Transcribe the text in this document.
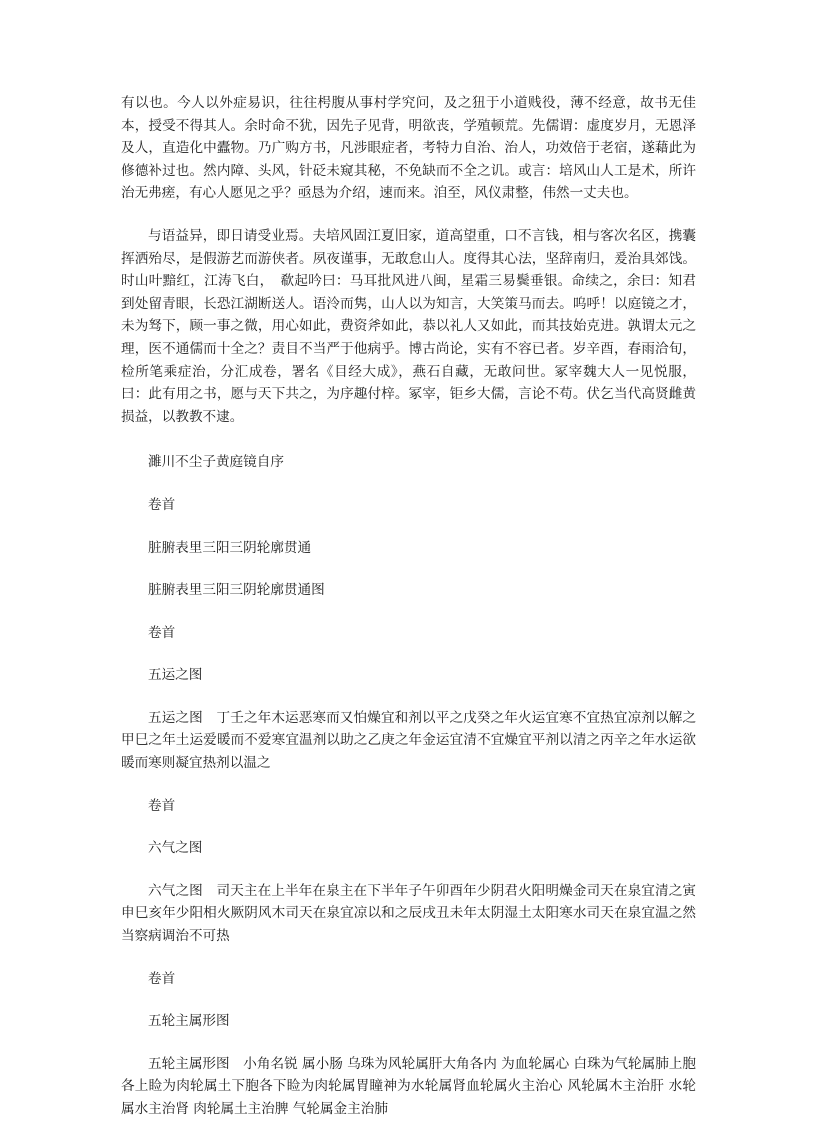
有以也。今人以外症易识，往往枵腹从事村学究问，及之狃于小道贱役，薄不经意，故书无佳本，授受不得其人。余时命不犹，因先子见背，明欲丧，学殖顿荒。先儒谓：虚度岁月，无恩泽及人，直造化中蠹物。乃广购方书，凡涉眼症者，考特力自治、治人，功效倍于老宿，遂藉此为修德补过也。然内障、头风，针砭未窥其秘，不免缺而不全之讥。或言：培风山人工是术，所许治无弗瘥，有心人愿见之乎？亟恳为介绍，速而来。洎至，风仪肃整，伟然一丈夫也。

与语益异，即日请受业焉。夫培风固江夏旧家，道高望重，口不言钱，相与客次名区，携囊挥洒殆尽，是假游艺而游侠者。夙夜谨事，无敢怠山人。度得其心法，坚辞南归，爰治具郊饯。时山叶黯红，江涛飞白，　欷起吟曰：马耳批风进八闽，星霜三易鬓垂银。命续之，余曰：知君到处留青眼，长恐江湖断送人。语泠而隽，山人以为知言，大笑策马而去。呜呼！以庭镜之才，未为驽下，顾一事之微，用心如此，费资斧如此，恭以礼人又如此，而其技始克进。孰谓太元之理，医不通儒而十全之？责目不当严于他病乎。博古尚论，实有不容已者。岁辛酉，春雨洽旬，检所笔乘症治，分汇成卷，署名《目经大成》，燕石自藏，无敢问世。冢宰魏大人一见悦服，曰：此有用之书，愿与天下共之，为序趣付梓。冢宰，钜乡大儒，言论不苟。伏乞当代高贤雌黄损益，以教教不逮。

濉川不尘子黄庭镜自序

卷首

脏腑表里三阳三阴轮廓贯通

脏腑表里三阳三阴轮廓贯通图

卷首

五运之图

五运之图　丁壬之年木运恶寒而又怕燥宜和剂以平之戊癸之年火运宜寒不宜热宜凉剂以解之甲巳之年土运爱暖而不爱寒宜温剂以助之乙庚之年金运宜清不宜燥宜平剂以清之丙辛之年水运欲暖而寒则凝宜热剂以温之

卷首

六气之图

六气之图　司天主在上半年在泉主在下半年子午卯酉年少阴君火阳明燥金司天在泉宜清之寅申巳亥年少阳相火厥阴风木司天在泉宜凉以和之辰戌丑未年太阴湿土太阳寒水司天在泉宜温之然当察病调治不可热

卷首

五轮主属形图

五轮主属形图　小角名锐 属小肠 乌珠为风轮属肝大角各内 为血轮属心 白珠为气轮属肺上胞各上睑为肉轮属土下胞各下睑为肉轮属胃瞳神为水轮属肾血轮属火主治心 风轮属木主治肝 水轮属水主治肾 肉轮属土主治脾 气轮属金主治肺
